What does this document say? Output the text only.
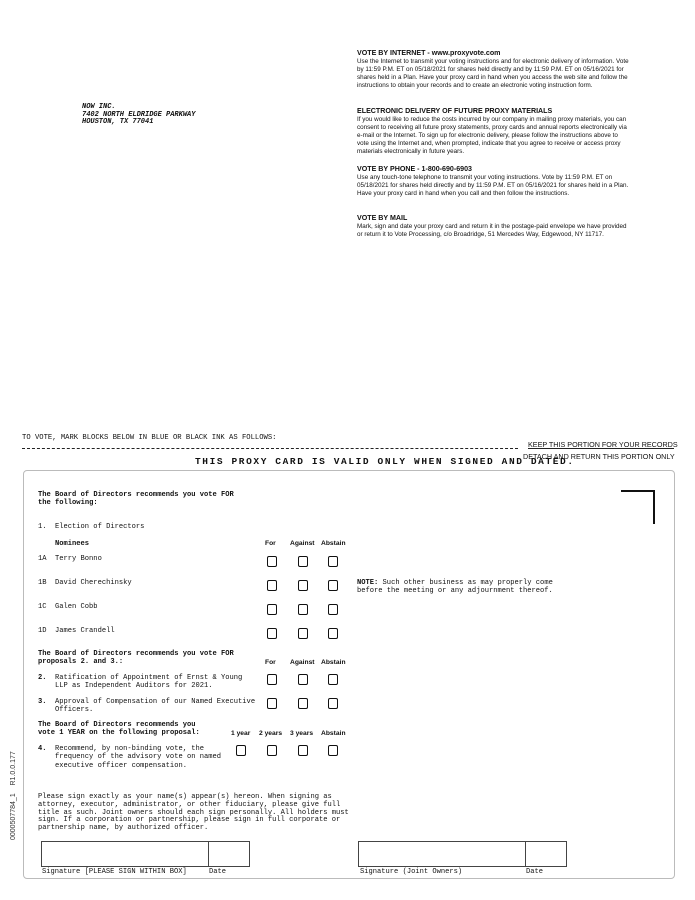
NOW INC.
7402 NORTH ELDRIDGE PARKWAY
HOUSTON, TX 77041
VOTE BY INTERNET - www.proxyvote.com

Use the Internet to transmit your voting instructions and for electronic delivery of information. Vote by 11:59 P.M. ET on 05/18/2021 for shares held directly and by 11:59 P.M. ET on 05/16/2021 for shares held in a Plan. Have your proxy card in hand when you access the web site and follow the instructions to obtain your records and to create an electronic voting instruction form.

ELECTRONIC DELIVERY OF FUTURE PROXY MATERIALS

If you would like to reduce the costs incurred by our company in mailing proxy materials, you can consent to receiving all future proxy statements, proxy cards and annual reports electronically via e-mail or the Internet. To sign up for electronic delivery, please follow the instructions above to vote using the Internet and, when prompted, indicate that you agree to receive or access proxy materials electronically in future years.

VOTE BY PHONE - 1-800-690-6903

Use any touch-tone telephone to transmit your voting instructions. Vote by 11:59 P.M. ET on 05/18/2021 for shares held directly and by 11:59 P.M. ET on 05/16/2021 for shares held in a Plan. Have your proxy card in hand when you call and then follow the instructions.

VOTE BY MAIL

Mark, sign and date your proxy card and return it in the postage-paid envelope we have provided or return it to Vote Processing, c/o Broadridge, 51 Mercedes Way, Edgewood, NY 11717.

TO VOTE, MARK BLOCKS BELOW IN BLUE OR BLACK INK AS FOLLOWS:
KEEP THIS PORTION FOR YOUR RECORDS
DETACH AND RETURN THIS PORTION ONLY
THIS PROXY CARD IS VALID ONLY WHEN SIGNED AND DATED.
The Board of Directors recommends you vote FOR
the following:
1. Election of Directors
Nominees	For Against Abstain
1A Terry Bonno
1B David Cherechinsky
1C Galen Cobb
1D James Crandell
NOTE: Such other business as may properly come
before the meeting or any adjournment thereof.
The Board of Directors recommends you vote FOR
proposals 2. and 3.:	For Against Abstain
2. Ratification of Appointment of Ernst & Young
LLP as Independent Auditors for 2021.
3. Approval of Compensation of our Named Executive
Officers.
The Board of Directors recommends you
vote 1 YEAR on the following proposal:	1 year 2 years 3 years Abstain
4. Recommend, by non-binding vote, the
frequency of the advisory vote on named
executive officer compensation.
Please sign exactly as your name(s) appear(s) hereon. When signing as
attorney, executor, administrator, or other fiduciary, please give full
title as such. Joint owners should each sign personally. All holders must
sign. If a corporation or partnership, please sign in full corporate or
partnership name, by authorized officer.
Signature [PLEASE SIGN WITHIN BOX]	Date	Signature (Joint Owners)	Date
0000507784_1    R1.0.0.177
